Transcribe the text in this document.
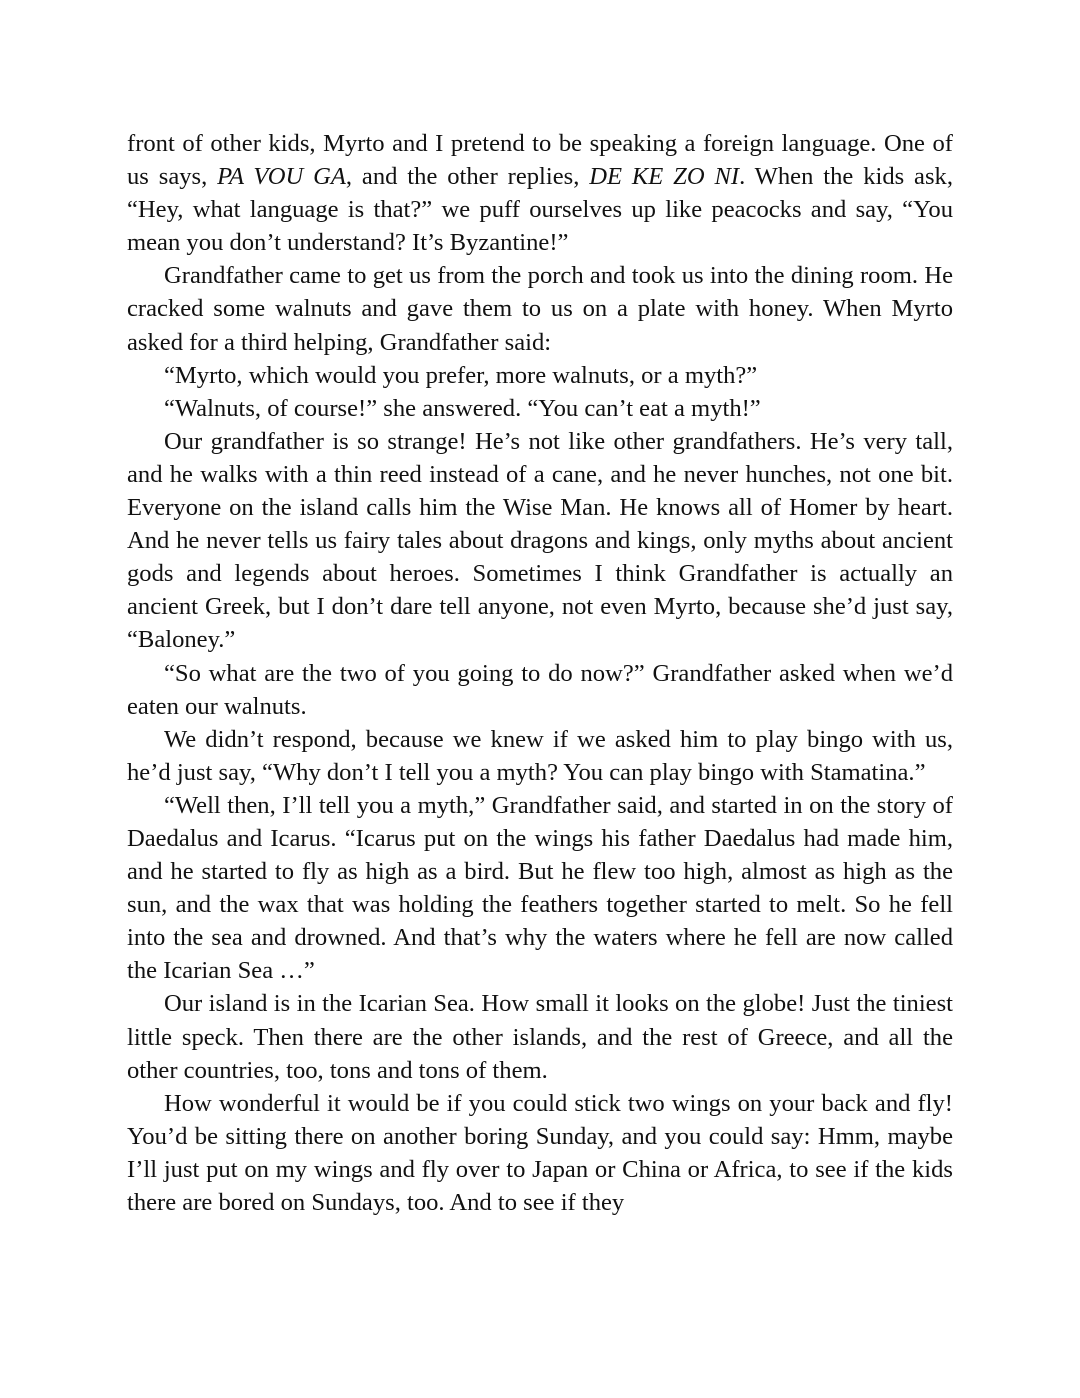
front of other kids, Myrto and I pretend to be speaking a foreign language. One of us says, PA VOU GA, and the other replies, DE KE ZO NI. When the kids ask, “Hey, what language is that?” we puff ourselves up like peacocks and say, “You mean you don’t understand? It’s Byzantine!”

Grandfather came to get us from the porch and took us into the dining room. He cracked some walnuts and gave them to us on a plate with honey. When Myrto asked for a third helping, Grandfather said:

“Myrto, which would you prefer, more walnuts, or a myth?”

“Walnuts, of course!” she answered. “You can’t eat a myth!”

Our grandfather is so strange! He’s not like other grandfathers. He’s very tall, and he walks with a thin reed instead of a cane, and he never hunches, not one bit. Everyone on the island calls him the Wise Man. He knows all of Homer by heart. And he never tells us fairy tales about dragons and kings, only myths about ancient gods and legends about heroes. Sometimes I think Grandfather is actually an ancient Greek, but I don’t dare tell anyone, not even Myrto, because she’d just say, “Baloney.”

“So what are the two of you going to do now?” Grandfather asked when we’d eaten our walnuts.

We didn’t respond, because we knew if we asked him to play bingo with us, he’d just say, “Why don’t I tell you a myth? You can play bingo with Stamatina.”

“Well then, I’ll tell you a myth,” Grandfather said, and started in on the story of Daedalus and Icarus. “Icarus put on the wings his father Daedalus had made him, and he started to fly as high as a bird. But he flew too high, almost as high as the sun, and the wax that was holding the feathers together started to melt. So he fell into the sea and drowned. And that’s why the waters where he fell are now called the Icarian Sea …”

Our island is in the Icarian Sea. How small it looks on the globe! Just the tiniest little speck. Then there are the other islands, and the rest of Greece, and all the other countries, too, tons and tons of them.

How wonderful it would be if you could stick two wings on your back and fly! You’d be sitting there on another boring Sunday, and you could say: Hmm, maybe I’ll just put on my wings and fly over to Japan or China or Africa, to see if the kids there are bored on Sundays, too. And to see if they
